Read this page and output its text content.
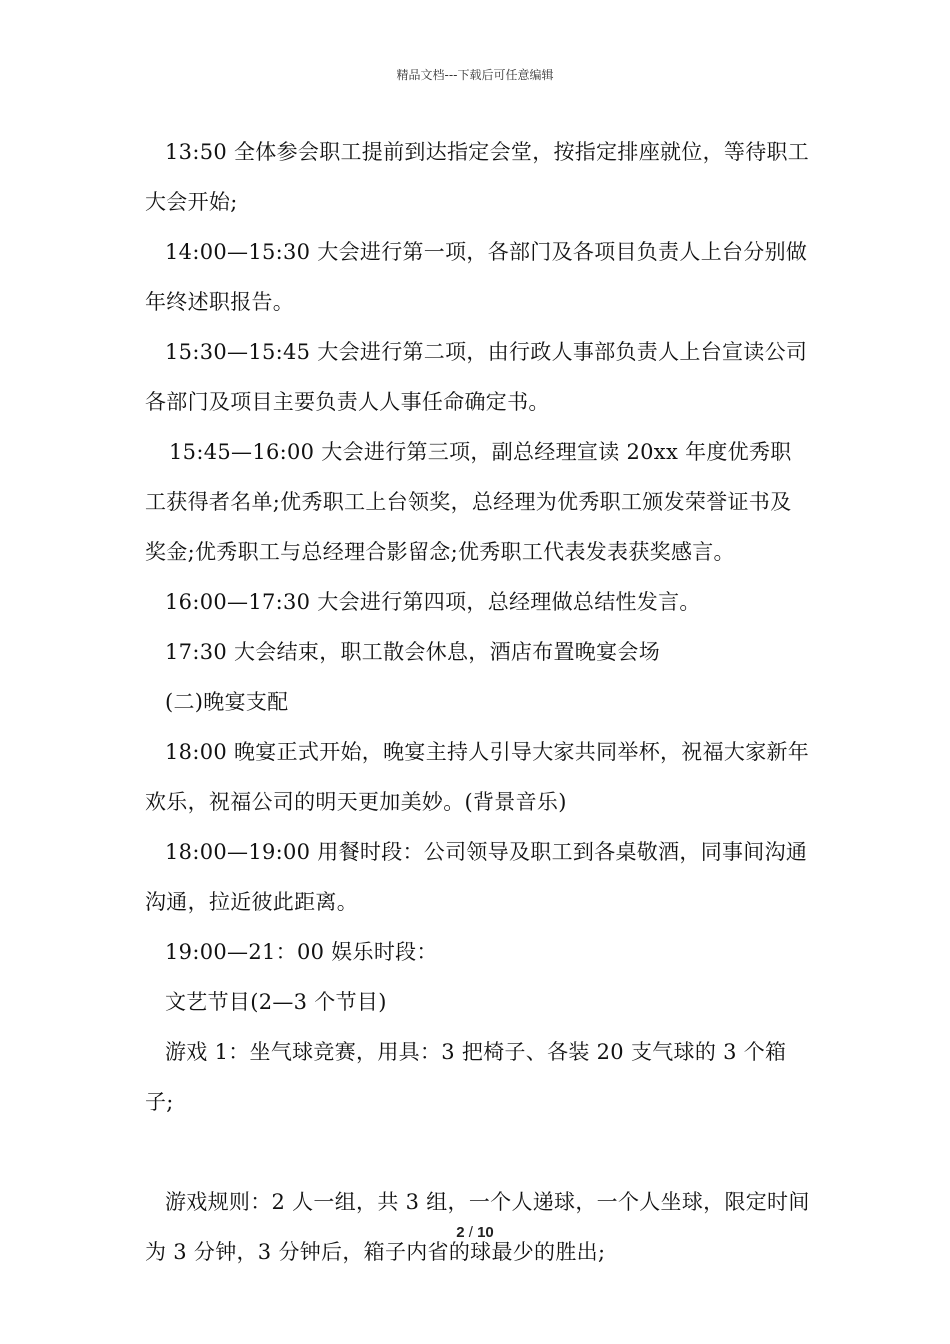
精品文档---下载后可任意编辑

13:50 全体参会职工提前到达指定会堂，按指定排座就位，等待职工大会开始;

14:00—15:30 大会进行第一项，各部门及各项目负责人上台分别做年终述职报告。

15:30—15:45 大会进行第二项，由行政人事部负责人上台宣读公司各部门及项目主要负责人人事任命确定书。

15:45—16:00 大会进行第三项，副总经理宣读 20xx 年度优秀职工获得者名单;优秀职工上台领奖，总经理为优秀职工颁发荣誉证书及奖金;优秀职工与总经理合影留念;优秀职工代表发表获奖感言。

16:00—17:30 大会进行第四项，总经理做总结性发言。

17:30 大会结束，职工散会休息，酒店布置晚宴会场

(二)晚宴支配

18:00 晚宴正式开始，晚宴主持人引导大家共同举杯，祝福大家新年欢乐，祝福公司的明天更加美妙。(背景音乐)

18:00—19:00 用餐时段：公司领导及职工到各桌敬酒，同事间沟通沟通，拉近彼此距离。

19:00—21：00 娱乐时段：

文艺节目(2—3 个节目)

游戏 1：坐气球竞赛，用具：3 把椅子、各装 20 支气球的 3 个箱子;

游戏规则：2 人一组，共 3 组，一个人递球，一个人坐球，限定时间为 3 分钟，3 分钟后，箱子内省的球最少的胜出;

2 / 10
